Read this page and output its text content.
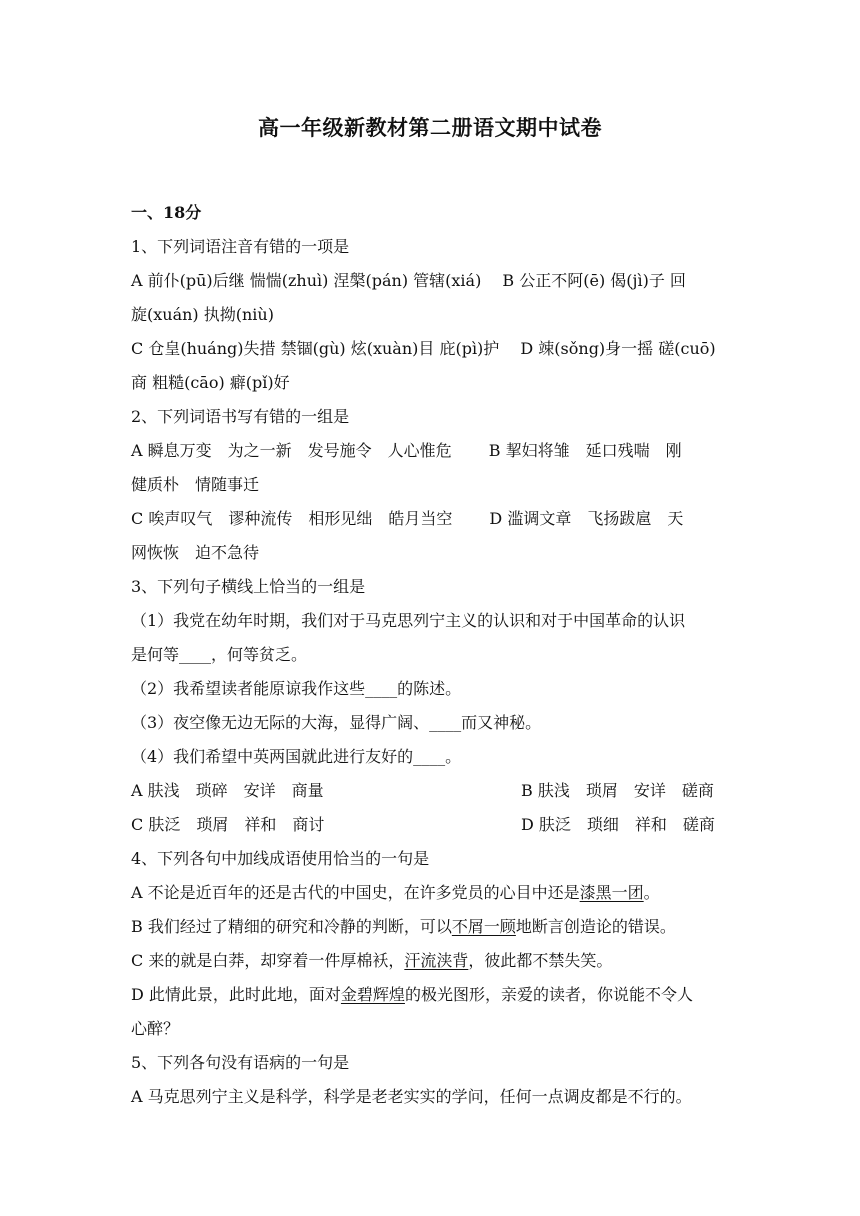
高一年级新教材第二册语文期中试卷
一、18分
1、下列词语注音有错的一项是
A 前仆(pū)后继 惴惴(zhuì) 涅槃(pán) 管辖(xiá)　 B 公正不阿(ē) 偈(jì)子 回
旋(xuán) 执拗(niù)
C 仓皇(huáng)失措 禁锢(gù) 炫(xuàn)目 庇(pì)护　 D 竦(sǒng)身一摇 磋(cuō)
商 粗糙(cāo) 癖(pǐ)好
2、下列词语书写有错的一组是
A 瞬息万变　为之一新　发号施令　人心惟危　　 B 挈妇将雏　延口残喘　刚
健质朴　情随事迁
C 唉声叹气　谬种流传　相形见绌　皓月当空　　 D 滥调文章　飞扬跋扈　天
网恢恢　迫不急待
3、下列句子横线上恰当的一组是
（1）我党在幼年时期，我们对于马克思列宁主义的认识和对于中国革命的认识
是何等____，何等贫乏。
（2）我希望读者能原谅我作这些____的陈述。
（3）夜空像无边无际的大海，显得广阔、____而又神秘。
（4）我们希望中英两国就此进行友好的____。
A 肤浅　琐碎　安详　商量	B 肤浅　琐屑　安详　磋商
C 肤泛　琐屑　祥和　商讨	D 肤泛　琐细　祥和　磋商
4、下列各句中加线成语使用恰当的一句是
A 不论是近百年的还是古代的中国史，在许多党员的心目中还是漆黑一团。
B 我们经过了精细的研究和冷静的判断，可以不屑一顾地断言创造论的错误。
C 来的就是白莽，却穿着一件厚棉袄，汗流浃背，彼此都不禁失笑。
D 此情此景，此时此地，面对金碧辉煌的极光图形，亲爱的读者，你说能不令人
心醉？
5、下列各句没有语病的一句是
A 马克思列宁主义是科学，科学是老老实实的学问，任何一点调皮都是不行的。
